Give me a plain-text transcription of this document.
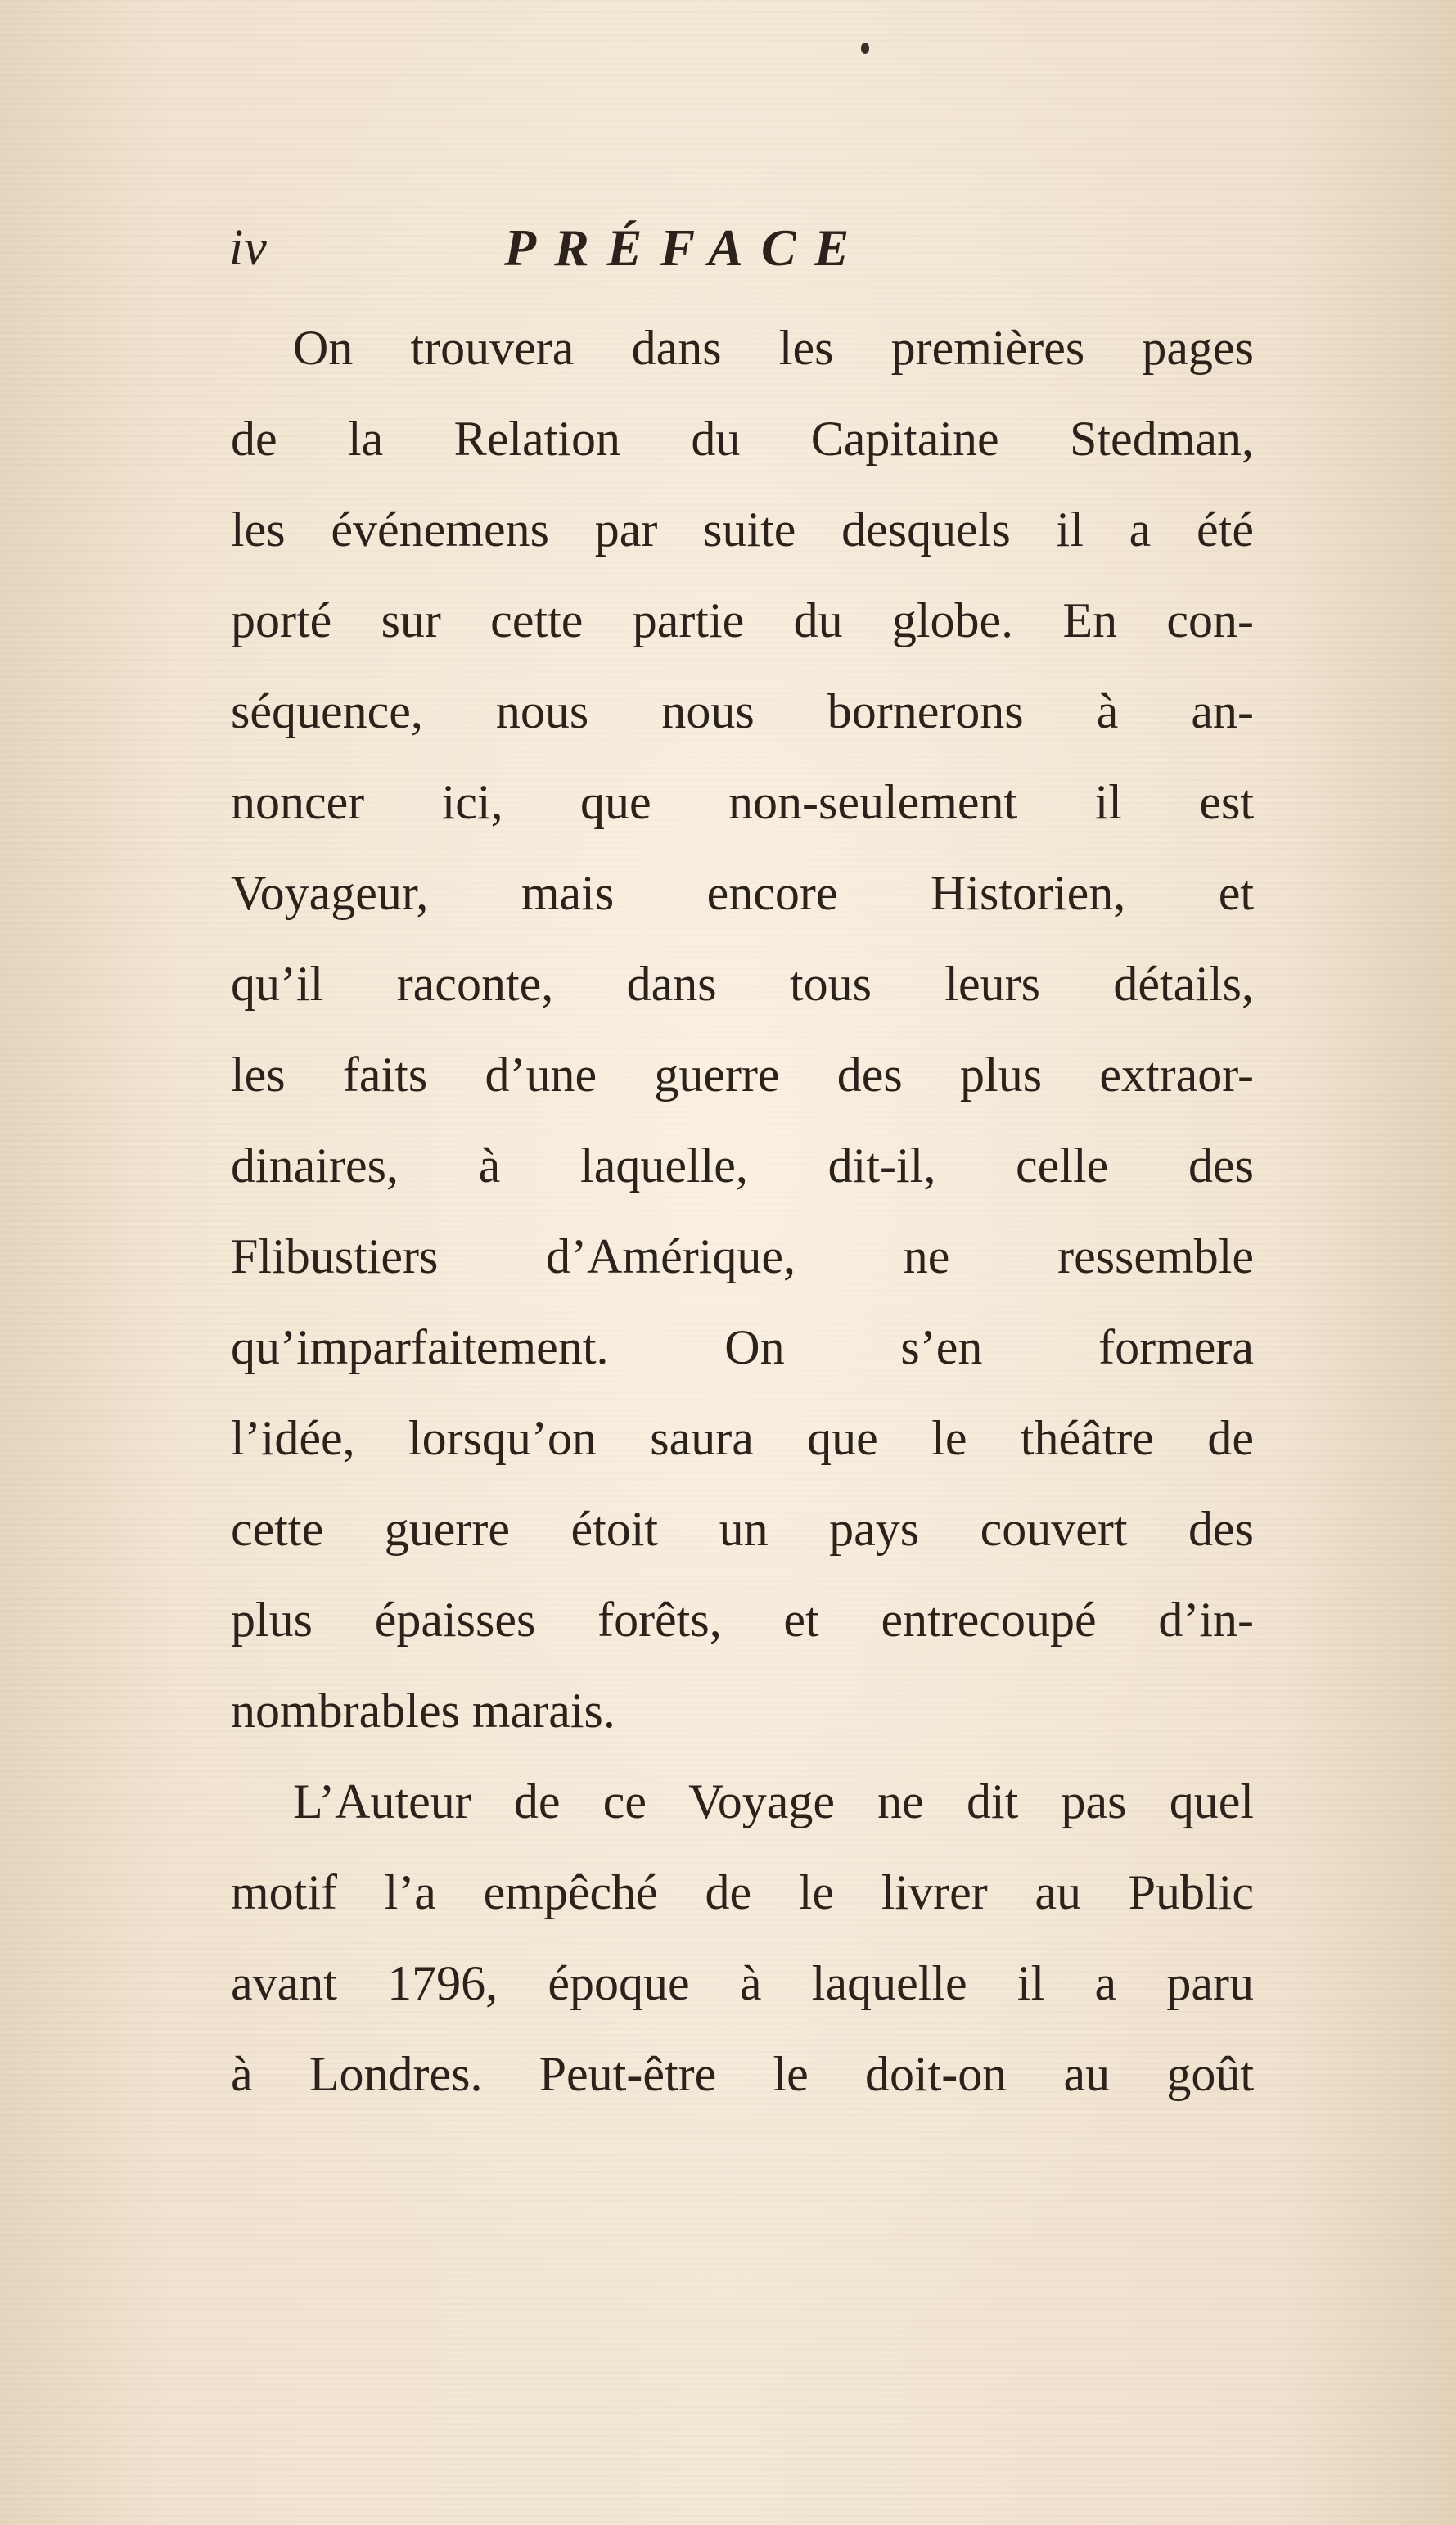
iv	PRÉFACE
On trouvera dans les premières pages
de la Relation du Capitaine Stedman,
les événemens par suite desquels il a été
porté sur cette partie du globe. En con-
séquence, nous nous bornerons à an-
noncer ici, que non-seulement il est
Voyageur, mais encore Historien, et
qu’il raconte, dans tous leurs détails,
les faits d’une guerre des plus extraor-
dinaires, à laquelle, dit-il, celle des
Flibustiers d’Amérique, ne ressemble
qu’imparfaitement. On s’en formera
l’idée, lorsqu’on saura que le théâtre de
cette guerre étoit un pays couvert des
plus épaisses forêts, et entrecoupé d’in-
nombrables marais.
L’Auteur de ce Voyage ne dit pas quel
motif l’a empêché de le livrer au Public
avant 1796, époque à laquelle il a paru
à Londres. Peut-être le doit-on au goût
